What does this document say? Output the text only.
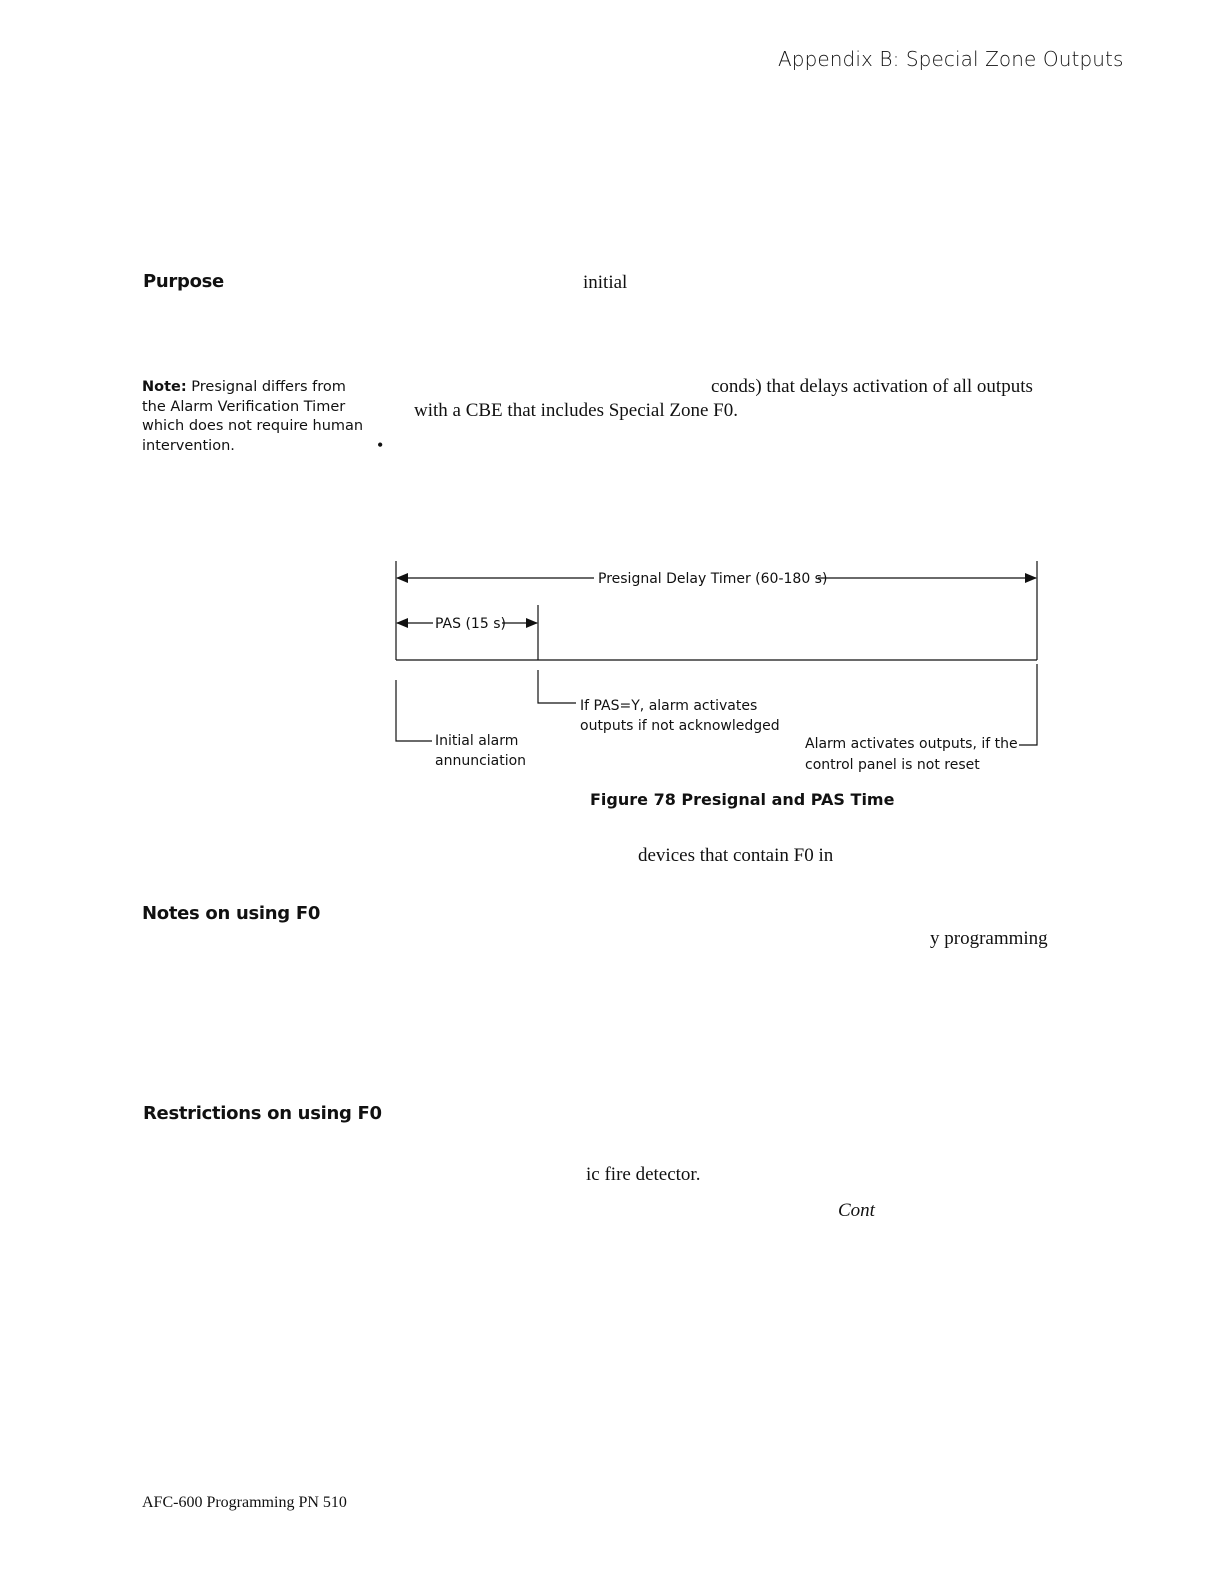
Appendix B: Special Zone Outputs
Purpose	initial
Note: Presignal differs from the Alarm Verification Timer which does not require human intervention.
conds) that delays activation of all outputs
with a CBE that includes Special Zone F0.
•
Presignal Delay Timer (60-180 s)
PAS (15 s)
If PAS=Y, alarm activates
outputs if not acknowledged
Initial alarm
annunciation
Alarm activates outputs, if the
control panel is not reset
Figure 78 Presignal and PAS Time
devices that contain F0 in
Notes on using F0
y programming
Restrictions on using F0
ic fire detector.
Cont
AFC-600 Programming PN 510
